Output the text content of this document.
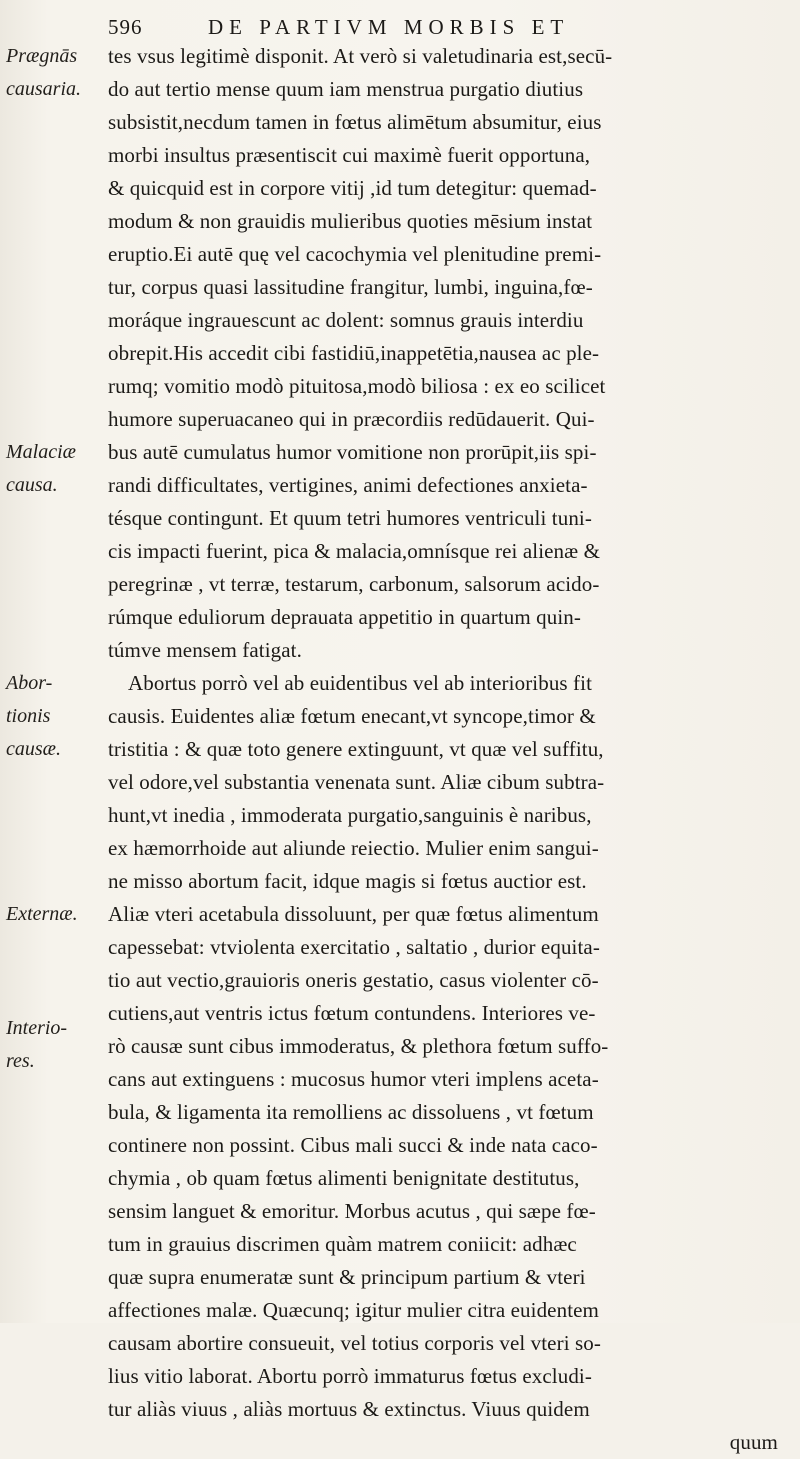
596	DE PARTIVM MORBIS ET
Prægnās
causaria.
Malaciæ
causa.
Abor-
tionis
causæ.
Externæ.
Interio-
res.
tes vsus legitimè disponit. At verò si valetudinaria est,secū-
do aut tertio mense quum iam menstrua purgatio diutius
subsistit,necdum tamen in fœtus alimētum absumitur, eius
morbi insultus præsentiscit cui maximè fuerit opportuna,
& quicquid est in corpore vitij ,id tum detegitur: quemad-
modum & non grauidis mulieribus quoties mēsium instat
eruptio.Ei autē quę vel cacochymia vel plenitudine premi-
tur, corpus quasi lassitudine frangitur, lumbi, inguina,fœ-
moráque ingrauescunt ac dolent: somnus grauis interdiu
obrepit.His accedit cibi fastidiū,inappetētia,nausea ac ple-
rumq; vomitio modò pituitosa,modò biliosa : ex eo scilicet
humore superuacaneo qui in præcordiis redūdauerit. Qui-
bus autē cumulatus humor vomitione non prorūpit,iis spi-
randi difficultates, vertigines, animi defectiones anxieta-
tésque contingunt. Et quum tetri humores ventriculi tuni-
cis impacti fuerint, pica & malacia,omnísque rei alienæ &
peregrinæ , vt terræ, testarum, carbonum, salsorum acido-
rúmque eduliorum deprauata appetitio in quartum quin-
túmve mensem fatigat.
Abortus porrò vel ab euidentibus vel ab interioribus fit
causis. Euidentes aliæ fœtum enecant,vt syncope,timor &
tristitia : & quæ toto genere extinguunt, vt quæ vel suffitu,
vel odore,vel substantia venenata sunt. Aliæ cibum subtra-
hunt,vt inedia , immoderata purgatio,sanguinis è naribus,
ex hæmorrhoide aut aliunde reiectio. Mulier enim sangui-
ne misso abortum facit, idque magis si fœtus auctior est.
Aliæ vteri acetabula dissoluunt, per quæ fœtus alimentum
capessebat: vtviolenta exercitatio , saltatio , durior equita-
tio aut vectio,grauioris oneris gestatio, casus violenter cō-
cutiens,aut ventris ictus fœtum contundens. Interiores ve-
rò causæ sunt cibus immoderatus, & plethora fœtum suffo-
cans aut extinguens : mucosus humor vteri implens aceta-
bula, & ligamenta ita remolliens ac dissoluens , vt fœtum
continere non possint. Cibus mali succi & inde nata caco-
chymia , ob quam fœtus alimenti benignitate destitutus,
sensim languet & emoritur. Morbus acutus , qui sæpe fœ-
tum in grauius discrimen quàm matrem coniicit: adhæc
quæ supra enumeratæ sunt & principum partium & vteri
affectiones malæ. Quæcunq; igitur mulier citra euidentem
causam abortire consueuit, vel totius corporis vel vteri so-
lius vitio laborat. Abortu porrò immaturus fœtus excludi-
tur aliàs viuus , aliàs mortuus & extinctus. Viuus quidem
quum
